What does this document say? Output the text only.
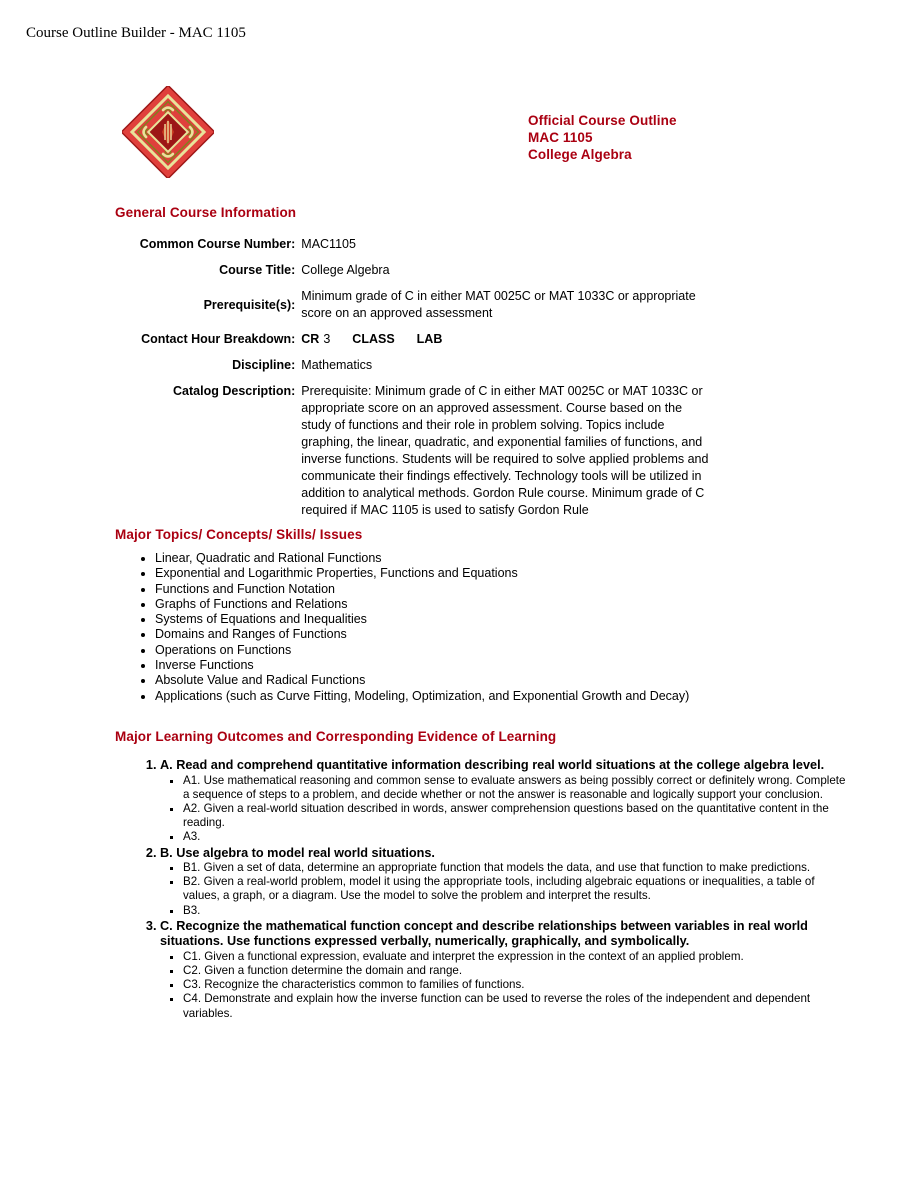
Course Outline Builder - MAC 1105
Official Course Outline
MAC 1105
College Algebra
General Course Information
Common Course Number:	MAC1105

Course Title:	College Algebra

Prerequisite(s):	Minimum grade of C in either MAT 0025C or MAT 1033C or appropriate score on an approved assessment

Contact Hour Breakdown:	CR 3 CLASS LAB

Discipline:	Mathematics

Catalog Description:	Prerequisite: Minimum grade of C in either MAT 0025C or MAT 1033C or appropriate score on an approved assessment. Course based on the study of functions and their role in problem solving. Topics include graphing, the linear, quadratic, and exponential families of functions, and inverse functions. Students will be required to solve applied problems and communicate their findings effectively. Technology tools will be utilized in addition to analytical methods. Gordon Rule course. Minimum grade of C required if MAC 1105 is used to satisfy Gordon Rule
Major Topics/ Concepts/ Skills/ Issues
• Linear, Quadratic and Rational Functions
• Exponential and Logarithmic Properties, Functions and Equations
• Functions and Function Notation
• Graphs of Functions and Relations
• Systems of Equations and Inequalities
• Domains and Ranges of Functions
• Operations on Functions
• Inverse Functions
• Absolute Value and Radical Functions
• Applications (such as Curve Fitting, Modeling, Optimization, and Exponential Growth and Decay)
Major Learning Outcomes and Corresponding Evidence of Learning
1. A. Read and comprehend quantitative information describing real world situations at the college algebra level.
▪ A1. Use mathematical reasoning and common sense to evaluate answers as being possibly correct or definitely wrong. Complete a sequence of steps to a problem, and decide whether or not the answer is reasonable and logically support your conclusion.
▪ A2. Given a real-world situation described in words, answer comprehension questions based on the quantitative content in the reading.
▪ A3.
2. B. Use algebra to model real world situations.
▪ B1. Given a set of data, determine an appropriate function that models the data, and use that function to make predictions.
▪ B2. Given a real-world problem, model it using the appropriate tools, including algebraic equations or inequalities, a table of values, a graph, or a diagram. Use the model to solve the problem and interpret the results.
▪ B3.
3. C. Recognize the mathematical function concept and describe relationships between variables in real world situations. Use functions expressed verbally, numerically, graphically, and symbolically.
▪ C1. Given a functional expression, evaluate and interpret the expression in the context of an applied problem.
▪ C2. Given a function determine the domain and range.
▪ C3. Recognize the characteristics common to families of functions.
▪ C4. Demonstrate and explain how the inverse function can be used to reverse the roles of the independent and dependent variables.
